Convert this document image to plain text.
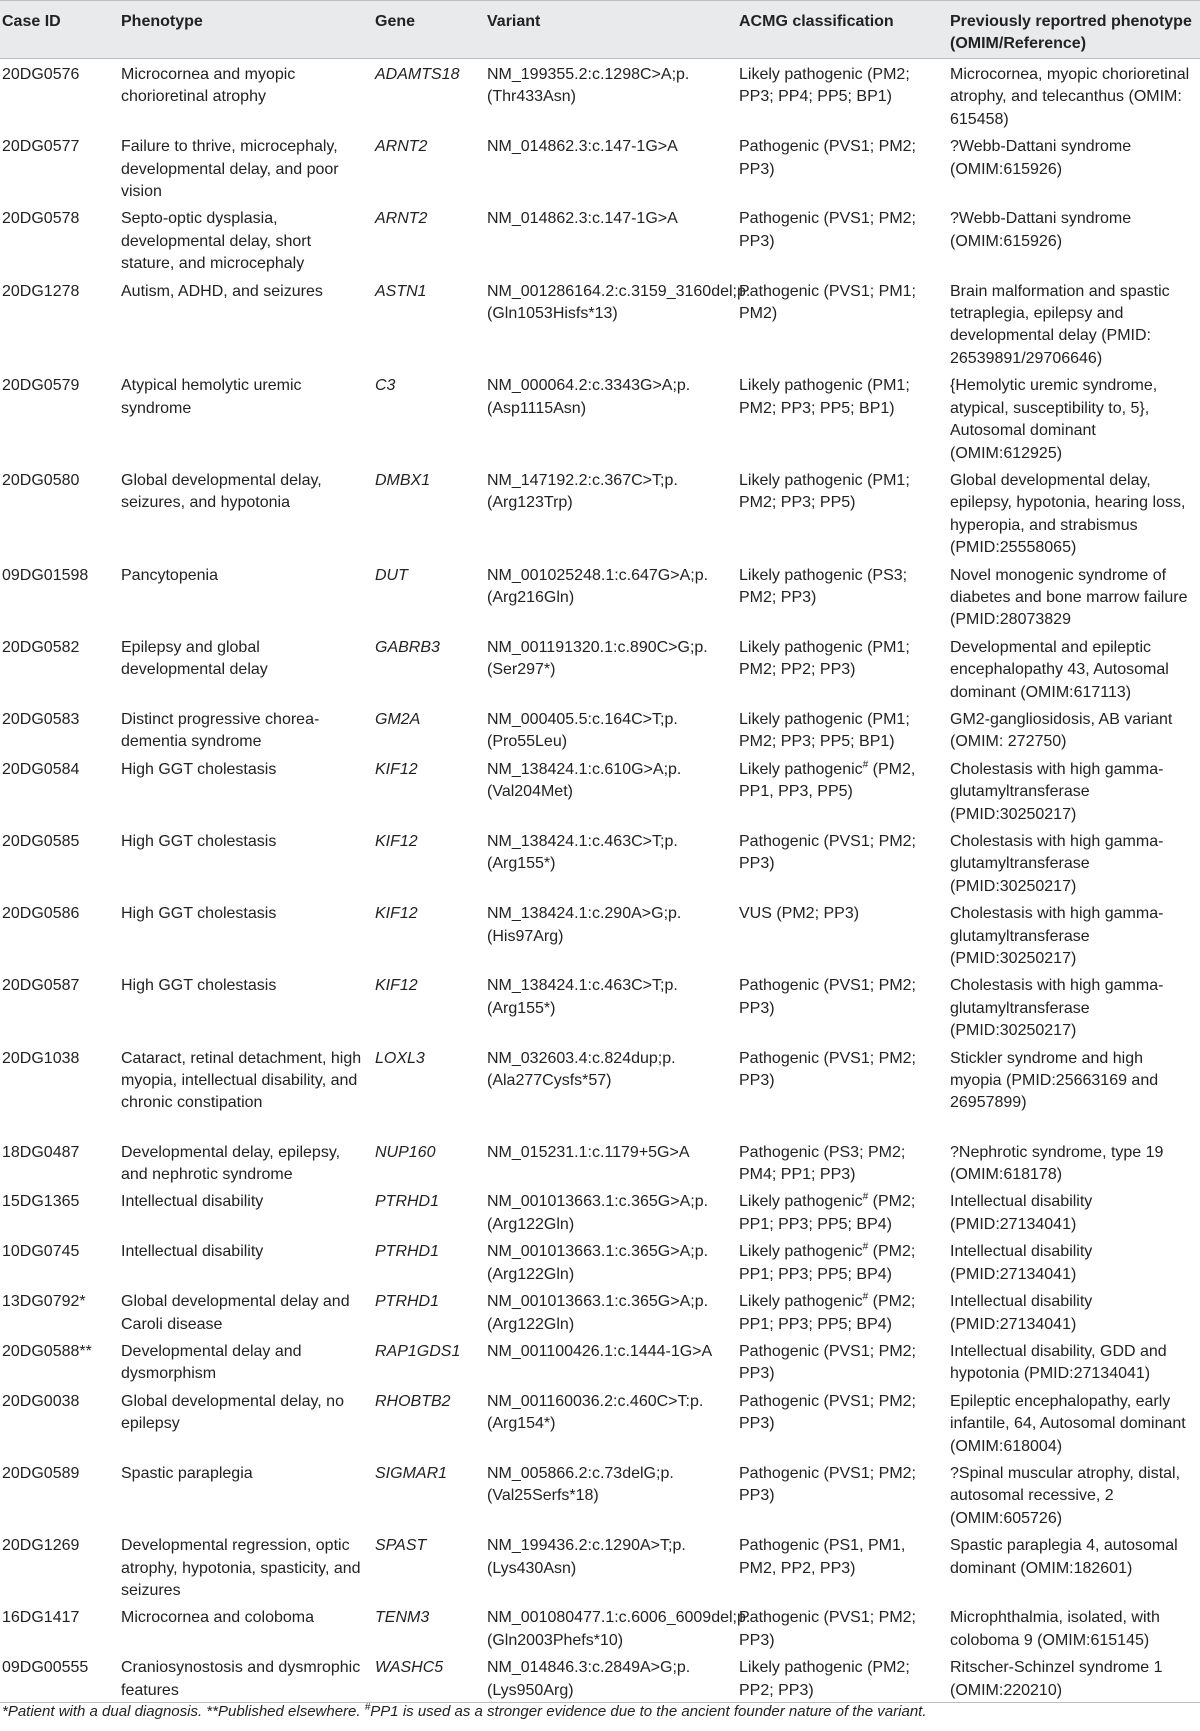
Case ID	Phenotype	Gene	Variant	ACMG classification	Previously reportred phenotype (OMIM/Reference)
20DG0576	Microcornea and myopic chorioretinal atrophy	ADAMTS18	NM_199355.2:c.1298C>A;p.(Thr433Asn)	Likely pathogenic (PM2; PP3; PP4; PP5; BP1)	Microcornea, myopic chorioretinal atrophy, and telecanthus (OMIM: 615458)
20DG0577	Failure to thrive, microcephaly, developmental delay, and poor vision	ARNT2	NM_014862.3:c.147-1G>A	Pathogenic (PVS1; PM2; PP3)	?Webb-Dattani syndrome (OMIM:615926)
20DG0578	Septo-optic dysplasia, developmental delay, short stature, and microcephaly	ARNT2	NM_014862.3:c.147-1G>A	Pathogenic (PVS1; PM2; PP3)	?Webb-Dattani syndrome (OMIM:615926)
20DG1278	Autism, ADHD, and seizures	ASTN1	NM_001286164.2:c.3159_3160del;p.(Gln1053Hisfs*13)	Pathogenic (PVS1; PM1; PM2)	Brain malformation and spastic tetraplegia, epilepsy and developmental delay (PMID: 26539891/29706646)
20DG0579	Atypical hemolytic uremic syndrome	C3	NM_000064.2:c.3343G>A;p.(Asp1115Asn)	Likely pathogenic (PM1; PM2; PP3; PP5; BP1)	{Hemolytic uremic syndrome, atypical, susceptibility to, 5}, Autosomal dominant (OMIM:612925)
20DG0580	Global developmental delay, seizures, and hypotonia	DMBX1	NM_147192.2:c.367C>T;p.(Arg123Trp)	Likely pathogenic (PM1; PM2; PP3; PP5)	Global developmental delay, epilepsy, hypotonia, hearing loss, hyperopia, and strabismus (PMID:25558065)
09DG01598	Pancytopenia	DUT	NM_001025248.1:c.647G>A;p.(Arg216Gln)	Likely pathogenic (PS3; PM2; PP3)	Novel monogenic syndrome of diabetes and bone marrow failure (PMID:28073829
20DG0582	Epilepsy and global developmental delay	GABRB3	NM_001191320.1:c.890C>G;p.(Ser297*)	Likely pathogenic (PM1; PM2; PP2; PP3)	Developmental and epileptic encephalopathy 43, Autosomal dominant (OMIM:617113)
20DG0583	Distinct progressive chorea-dementia syndrome	GM2A	NM_000405.5:c.164C>T;p.(Pro55Leu)	Likely pathogenic (PM1; PM2; PP3; PP5; BP1)	GM2-gangliosidosis, AB variant (OMIM: 272750)
20DG0584	High GGT cholestasis	KIF12	NM_138424.1:c.610G>A;p.(Val204Met)	Likely pathogenic# (PM2, PP1, PP3, PP5)	Cholestasis with high gamma-glutamyltransferase (PMID:30250217)
20DG0585	High GGT cholestasis	KIF12	NM_138424.1:c.463C>T;p.(Arg155*)	Pathogenic (PVS1; PM2; PP3)	Cholestasis with high gamma-glutamyltransferase (PMID:30250217)
20DG0586	High GGT cholestasis	KIF12	NM_138424.1:c.290A>G;p.(His97Arg)	VUS (PM2; PP3)	Cholestasis with high gamma-glutamyltransferase (PMID:30250217)
20DG0587	High GGT cholestasis	KIF12	NM_138424.1:c.463C>T;p.(Arg155*)	Pathogenic (PVS1; PM2; PP3)	Cholestasis with high gamma-glutamyltransferase (PMID:30250217)
20DG1038	Cataract, retinal detachment, high myopia, intellectual disability, and chronic constipation	LOXL3	NM_032603.4:c.824dup;p.(Ala277Cysfs*57)	Pathogenic (PVS1; PM2; PP3)	Stickler syndrome and high myopia (PMID:25663169 and 26957899)
18DG0487	Developmental delay, epilepsy, and nephrotic syndrome	NUP160	NM_015231.1:c.1179+5G>A	Pathogenic (PS3; PM2; PM4; PP1; PP3)	?Nephrotic syndrome, type 19 (OMIM:618178)
15DG1365	Intellectual disability	PTRHD1	NM_001013663.1:c.365G>A;p.(Arg122Gln)	Likely pathogenic# (PM2; PP1; PP3; PP5; BP4)	Intellectual disability (PMID:27134041)
10DG0745	Intellectual disability	PTRHD1	NM_001013663.1:c.365G>A;p.(Arg122Gln)	Likely pathogenic# (PM2; PP1; PP3; PP5; BP4)	Intellectual disability (PMID:27134041)
13DG0792*	Global developmental delay and Caroli disease	PTRHD1	NM_001013663.1:c.365G>A;p.(Arg122Gln)	Likely pathogenic# (PM2; PP1; PP3; PP5; BP4)	Intellectual disability (PMID:27134041)
20DG0588**	Developmental delay and dysmorphism	RAP1GDS1	NM_001100426.1:c.1444-1G>A	Pathogenic (PVS1; PM2; PP3)	Intellectual disability, GDD and hypotonia (PMID:27134041)
20DG0038	Global developmental delay, no epilepsy	RHOBTB2	NM_001160036.2:c.460C>T:p.(Arg154*)	Pathogenic (PVS1; PM2; PP3)	Epileptic encephalopathy, early infantile, 64, Autosomal dominant (OMIM:618004)
20DG0589	Spastic paraplegia	SIGMAR1	NM_005866.2:c.73delG;p.(Val25Serfs*18)	Pathogenic (PVS1; PM2; PP3)	?Spinal muscular atrophy, distal, autosomal recessive, 2 (OMIM:605726)
20DG1269	Developmental regression, optic atrophy, hypotonia, spasticity, and seizures	SPAST	NM_199436.2:c.1290A>T;p.(Lys430Asn)	Pathogenic (PS1, PM1, PM2, PP2, PP3)	Spastic paraplegia 4, autosomal dominant (OMIM:182601)
16DG1417	Microcornea and coloboma	TENM3	NM_001080477.1:c.6006_6009del;p.(Gln2003Phefs*10)	Pathogenic (PVS1; PM2; PP3)	Microphthalmia, isolated, with coloboma 9 (OMIM:615145)
09DG00555	Craniosynostosis and dysmrophic features	WASHC5	NM_014846.3:c.2849A>G;p.(Lys950Arg)	Likely pathogenic (PM2; PP2; PP3)	Ritscher-Schinzel syndrome 1 (OMIM:220210)
*Patient with a dual diagnosis. **Published elsewhere. #PP1 is used as a stronger evidence due to the ancient founder nature of the variant.
